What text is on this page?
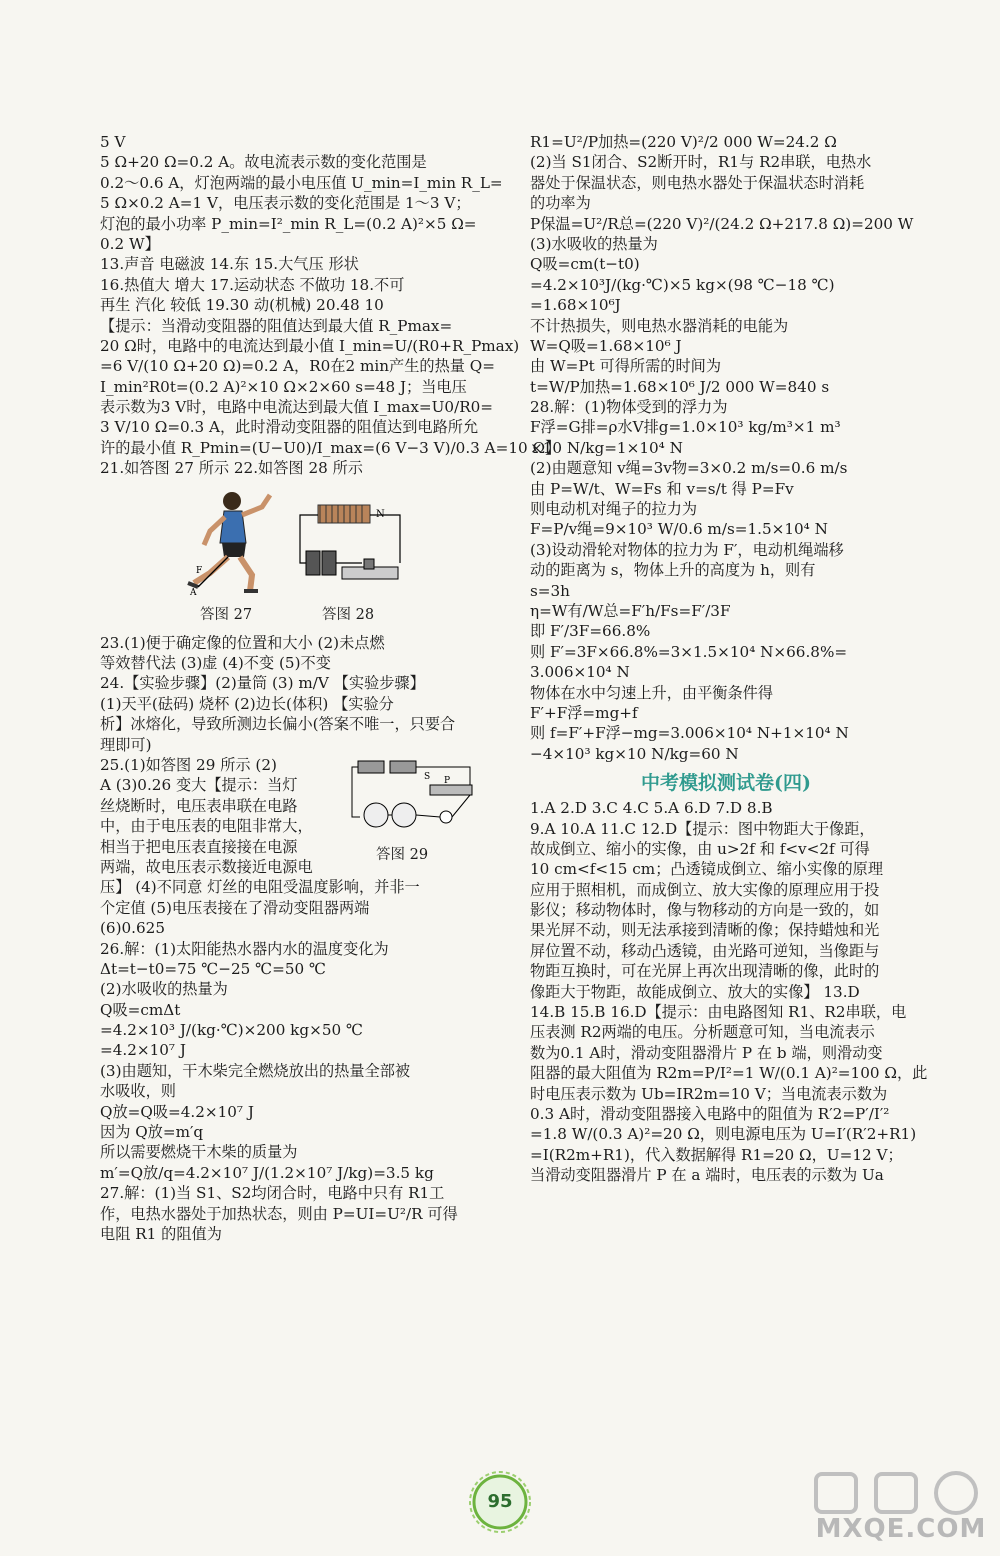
5 V
5 Ω+20 Ω=0.2 A。故电流表示数的变化范围是
0.2～0.6 A，灯泡两端的最小电压值 U_min=I_min R_L=
5 Ω×0.2 A=1 V，电压表示数的变化范围是 1～3 V；
灯泡的最小功率 P_min=I²_min R_L=(0.2 A)²×5 Ω=
0.2 W】
13.声音 电磁波 14.东 15.大气压 形状
16.热值大 增大 17.运动状态 不做功 18.不可
再生 汽化 较低 19.30 动(机械) 20.48 10
【提示：当滑动变阻器的阻值达到最大值 R_Pmax=
20 Ω时，电路中的电流达到最小值 I_min=U/(R0+R_Pmax)
=6 V/(10 Ω+20 Ω)=0.2 A，R0在2 min产生的热量 Q=
I_min²R0t=(0.2 A)²×10 Ω×2×60 s=48 J；当电压
表示数为3 V时，电路中电流达到最大值 I_max=U0/R0=
3 V/10 Ω=0.3 A，此时滑动变阻器的阻值达到电路所允
许的最小值 R_Pmin=(U−U0)/I_max=(6 V−3 V)/0.3 A=10 Ω】
21.如答图 27 所示 22.如答图 28 所示
F
A
N
答图 27	答图 28
23.(1)便于确定像的位置和大小 (2)未点燃
等效替代法 (3)虚 (4)不变 (5)不变
24.【实验步骤】(2)量筒 (3) m/V 【实验步骤】
(1)天平(砝码) 烧杯 (2)边长(体积) 【实验分
析】冰熔化，导致所测边长偏小(答案不唯一，只要合
理即可)
25.(1)如答图 29 所示 (2)
A (3)0.26 变大【提示：当灯
丝烧断时，电压表串联在电路
中，由于电压表的电阻非常大，
相当于把电压表直接接在电源
两端，故电压表示数接近电源电
P
S
答图 29
压】 (4)不同意 灯丝的电阻受温度影响，并非一
个定值 (5)电压表接在了滑动变阻器两端
(6)0.625
26.解：(1)太阳能热水器内水的温度变化为
Δt=t−t0=75 ℃−25 ℃=50 ℃
(2)水吸收的热量为
Q吸=cmΔt
=4.2×10³ J/(kg·℃)×200 kg×50 ℃
=4.2×10⁷ J
(3)由题知，干木柴完全燃烧放出的热量全部被
水吸收，则
Q放=Q吸=4.2×10⁷ J
因为 Q放=m′q
所以需要燃烧干木柴的质量为
m′=Q放/q=4.2×10⁷ J/(1.2×10⁷ J/kg)=3.5 kg
27.解：(1)当 S1、S2均闭合时，电路中只有 R1工
作，电热水器处于加热状态，则由 P=UI=U²/R 可得
电阻 R1 的阻值为
R1=U²/P加热=(220 V)²/2 000 W=24.2 Ω
(2)当 S1闭合、S2断开时，R1与 R2串联，电热水
器处于保温状态，则电热水器处于保温状态时消耗
的功率为
P保温=U²/R总=(220 V)²/(24.2 Ω+217.8 Ω)=200 W
(3)水吸收的热量为
Q吸=cm(t−t0)
=4.2×10³J/(kg·℃)×5 kg×(98 ℃−18 ℃)
=1.68×10⁶J
不计热损失，则电热水器消耗的电能为
W=Q吸=1.68×10⁶ J
由 W=Pt 可得所需的时间为
t=W/P加热=1.68×10⁶ J/2 000 W=840 s
28.解：(1)物体受到的浮力为
F浮=G排=ρ水V排g=1.0×10³ kg/m³×1 m³
×10 N/kg=1×10⁴ N
(2)由题意知 v绳=3v物=3×0.2 m/s=0.6 m/s
由 P=W/t、W=Fs 和 v=s/t 得 P=Fv
则电动机对绳子的拉力为
F=P/v绳=9×10³ W/0.6 m/s=1.5×10⁴ N
(3)设动滑轮对物体的拉力为 F′，电动机绳端移
动的距离为 s，物体上升的高度为 h，则有
s=3h
η=W有/W总=F′h/Fs=F′/3F
即 F′/3F=66.8%
则 F′=3F×66.8%=3×1.5×10⁴ N×66.8%=
3.006×10⁴ N
物体在水中匀速上升，由平衡条件得
F′+F浮=mg+f
则 f=F′+F浮−mg=3.006×10⁴ N+1×10⁴ N
−4×10³ kg×10 N/kg=60 N
中考模拟测试卷(四)
1.A 2.D 3.C 4.C 5.A 6.D 7.D 8.B
9.A 10.A 11.C 12.D【提示：图中物距大于像距，
故成倒立、缩小的实像，由 u>2f 和 f<v<2f 可得
10 cm<f<15 cm；凸透镜成倒立、缩小实像的原理
应用于照相机，而成倒立、放大实像的原理应用于投
影仪；移动物体时，像与物移动的方向是一致的，如
果光屏不动，则无法承接到清晰的像；保持蜡烛和光
屏位置不动，移动凸透镜，由光路可逆知，当像距与
物距互换时，可在光屏上再次出现清晰的像，此时的
像距大于物距，故能成倒立、放大的实像】 13.D
14.B 15.B 16.D【提示：由电路图知 R1、R2串联，电
压表测 R2两端的电压。分析题意可知，当电流表示
数为0.1 A时，滑动变阻器滑片 P 在 b 端，则滑动变
阻器的最大阻值为 R2m=P/I²=1 W/(0.1 A)²=100 Ω，此
时电压表示数为 Ub=IR2m=10 V；当电流表示数为
0.3 A时，滑动变阻器接入电路中的阻值为 R′2=P′/I′²
=1.8 W/(0.3 A)²=20 Ω，则电源电压为 U=I′(R′2+R1)
=I(R2m+R1)，代入数据解得 R1=20 Ω，U=12 V；
当滑动变阻器滑片 P 在 a 端时，电压表的示数为 Ua
95
MXQE.COM
